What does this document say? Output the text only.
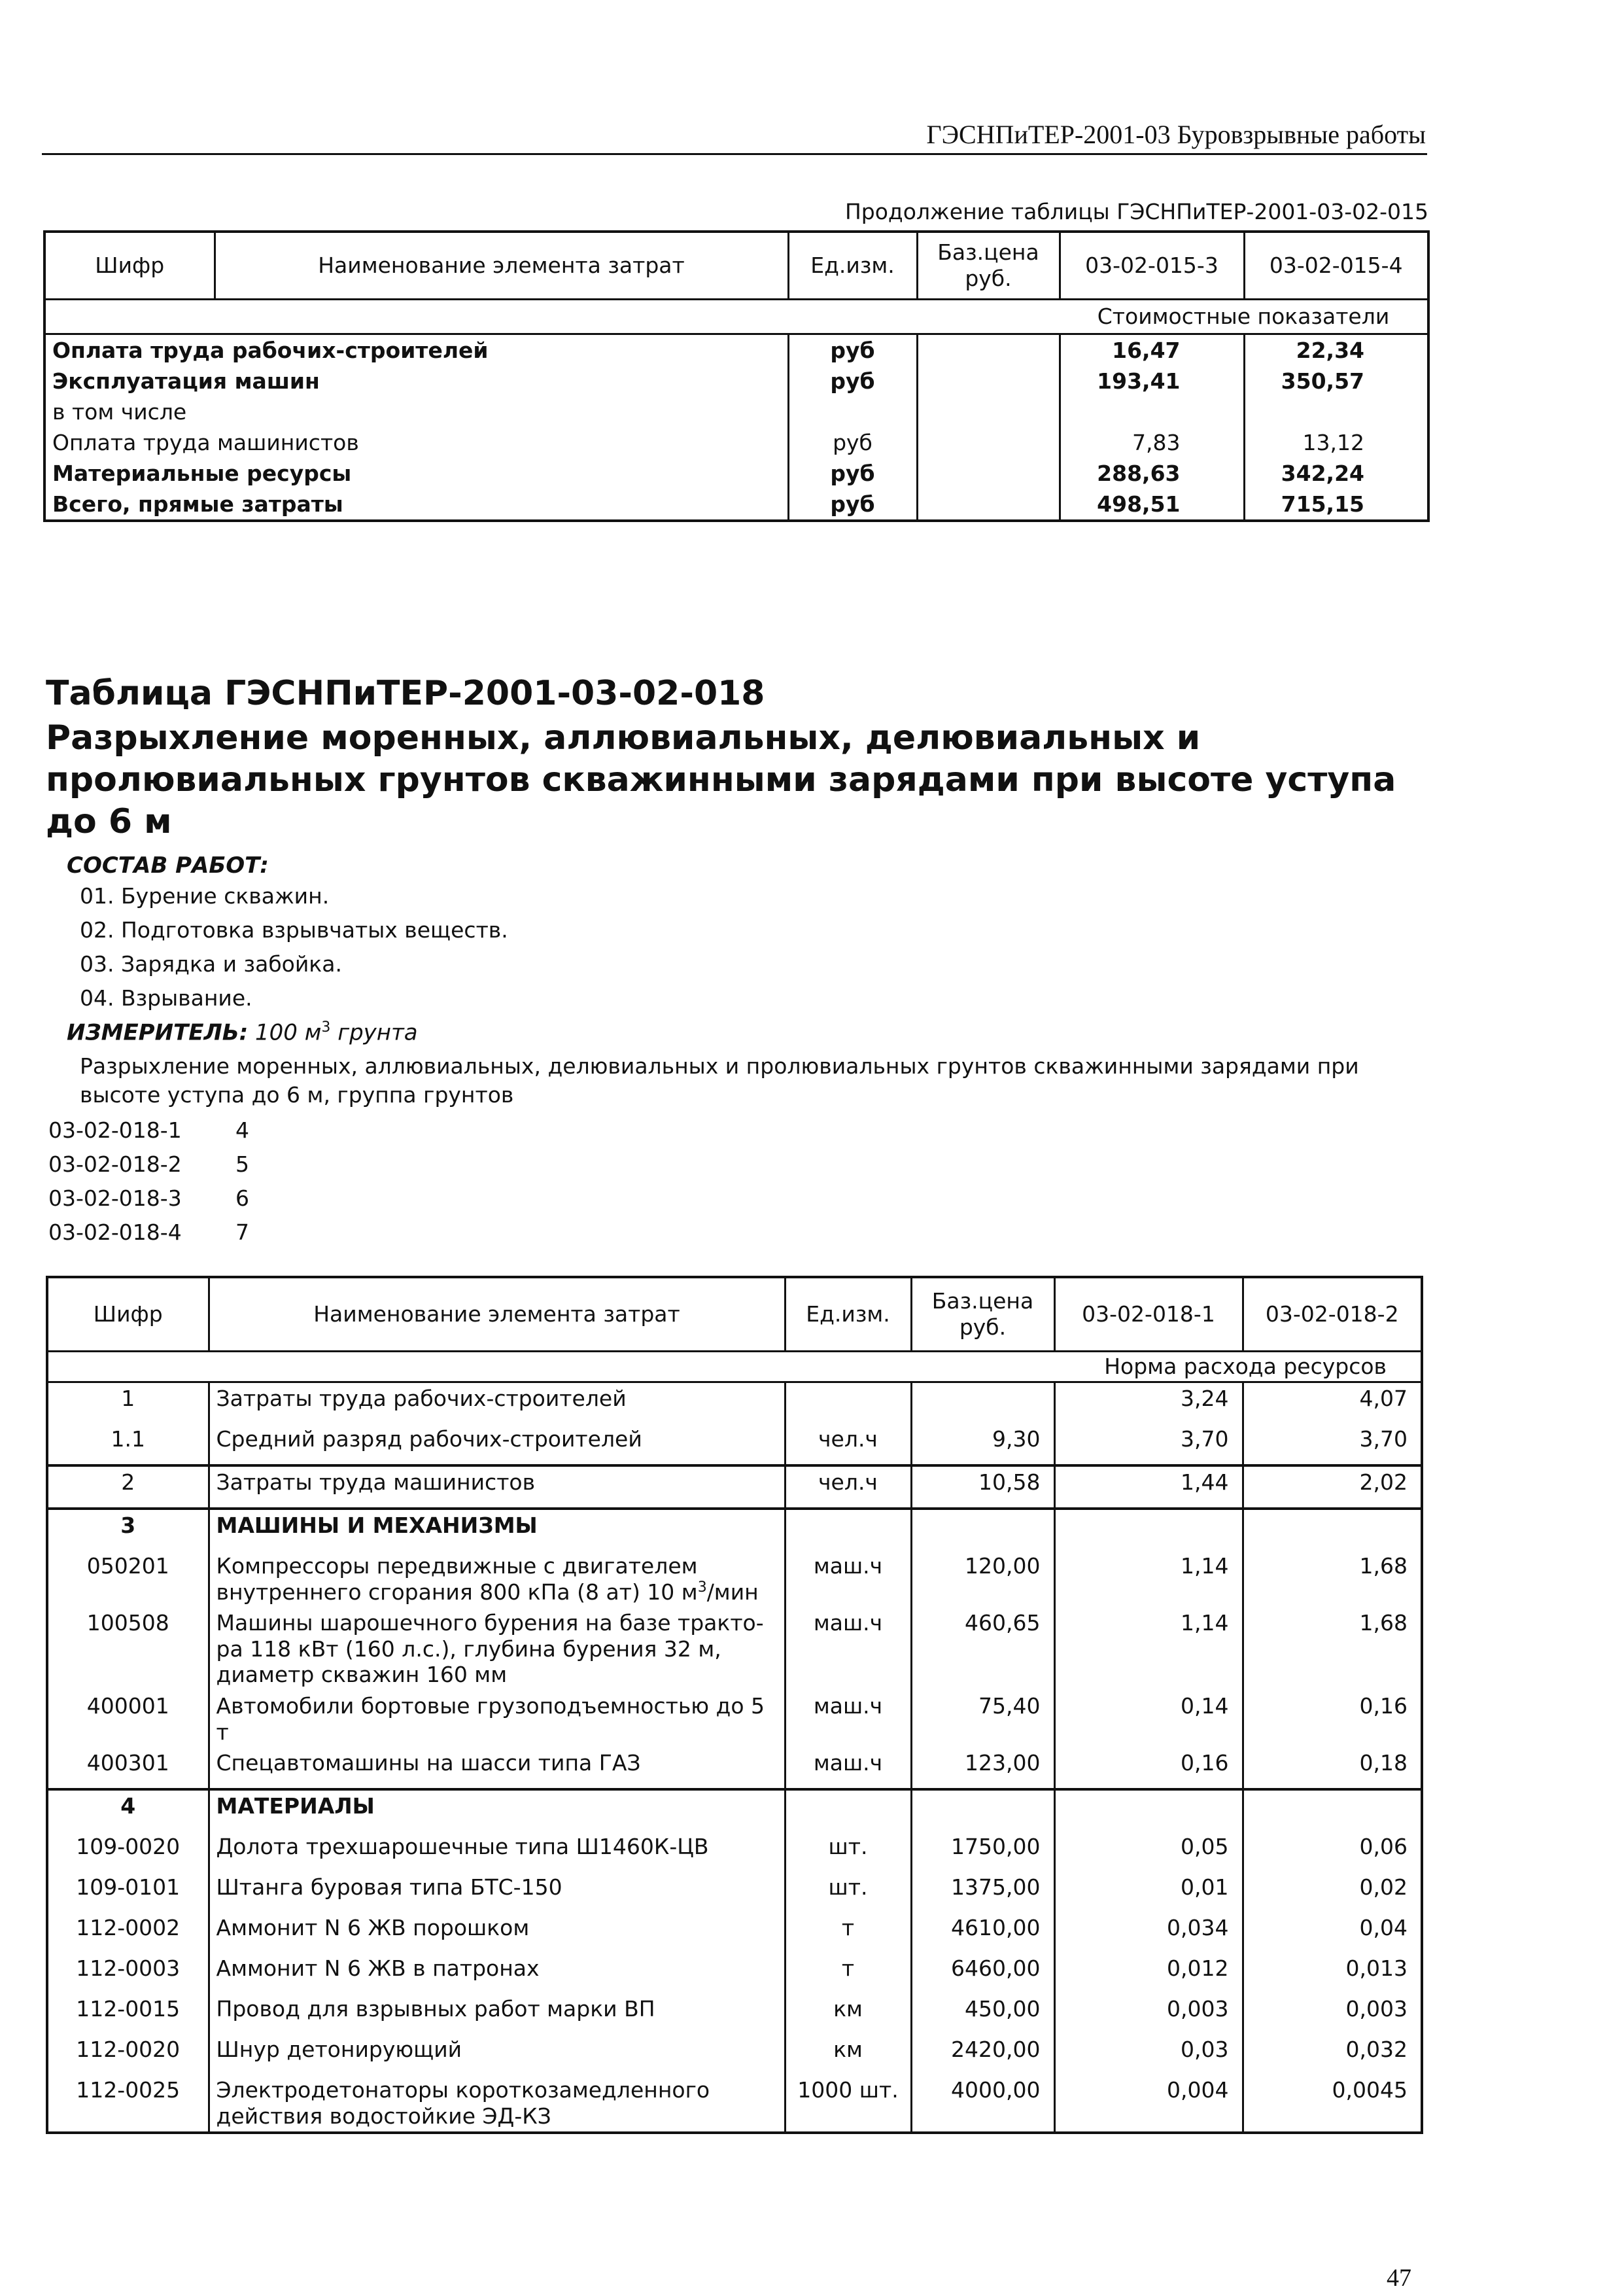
ГЭСНПиТЕР-2001-03 Буровзрывные работы
Продолжение таблицы ГЭСНПиТЕР-2001-03-02-015
Шифр	Наименование элемента затрат	Ед.изм.	Баз.цена руб.	03-02-015-3	03-02-015-4
				Стоимостные показатели	
Оплата труда рабочих-строителей		руб		16,47	22,34
Эксплуатация машин		руб		193,41	350,57
в том числе					
Оплата труда машинистов		руб		7,83	13,12
Материальные ресурсы		руб		288,63	342,24
Всего, прямые затраты		руб		498,51	715,15
Таблица ГЭСНПиТЕР-2001-03-02-018
Разрыхление моренных, аллювиальных, делювиальных и
пролювиальных грунтов скважинными зарядами при высоте уступа
до 6 м
СОСТАВ РАБОТ:
01. Бурение скважин.
02. Подготовка взрывчатых веществ.
03. Зарядка и забойка.
04. Взрывание.
ИЗМЕРИТЕЛЬ: 100 $м^3$ грунта
Разрыхление моренных, аллювиальных, делювиальных и пролювиальных грунтов скважинными зарядами при
высоте уступа до 6 м, группа грунтов
03-02-018-1 4
03-02-018-2 5
03-02-018-3 6
03-02-018-4 7
Шифр	Наименование элемента затрат	Ед.изм.	Баз.цена руб.	03-02-018-1	03-02-018-2
Норма расхода ресурсов					
1	Затраты труда рабочих-строителей			3,24	4,07
1.1	Средний разряд рабочих-строителей	чел.ч	9,30	3,70	3,70
2	Затраты труда машинистов	чел.ч	10,58	1,44	2,02
3	МАШИНЫ И МЕХАНИЗМЫ				
050201	Компрессоры передвижные с двигателем внутреннего сгорания 800 кПа (8 ат) 10 $м^3$/мин	маш.ч	120,00	1,14	1,68
100508	Машины шарошечного бурения на базе тракто-ра 118 кВт (160 л.с.), глубина бурения 32 м, диаметр скважин 160 мм	маш.ч	460,65	1,14	1,68
400001	Автомобили бортовые грузоподъемностью до 5 т	маш.ч	75,40	0,14	0,16
400301	Спецавтомашины на шасси типа ГАЗ	маш.ч	123,00	0,16	0,18
4	МАТЕРИАЛЫ				
109-0020	Долота трехшарошечные типа Ш1460К-ЦВ	шт.	1750,00	0,05	0,06
109-0101	Штанга буровая типа БТС-150	шт.	1375,00	0,01	0,02
112-0002	Аммонит N 6 ЖВ порошком	т	4610,00	0,034	0,04
112-0003	Аммонит N 6 ЖВ в патронах	т	6460,00	0,012	0,013
112-0015	Провод для взрывных работ марки ВП	км	450,00	0,003	0,003
112-0020	Шнур детонирующий	км	2420,00	0,03	0,032
112-0025	Электродетонаторы короткозамедленного действия водостойкие ЭД-КЗ	1000 шт.	4000,00	0,004	0,0045
47
